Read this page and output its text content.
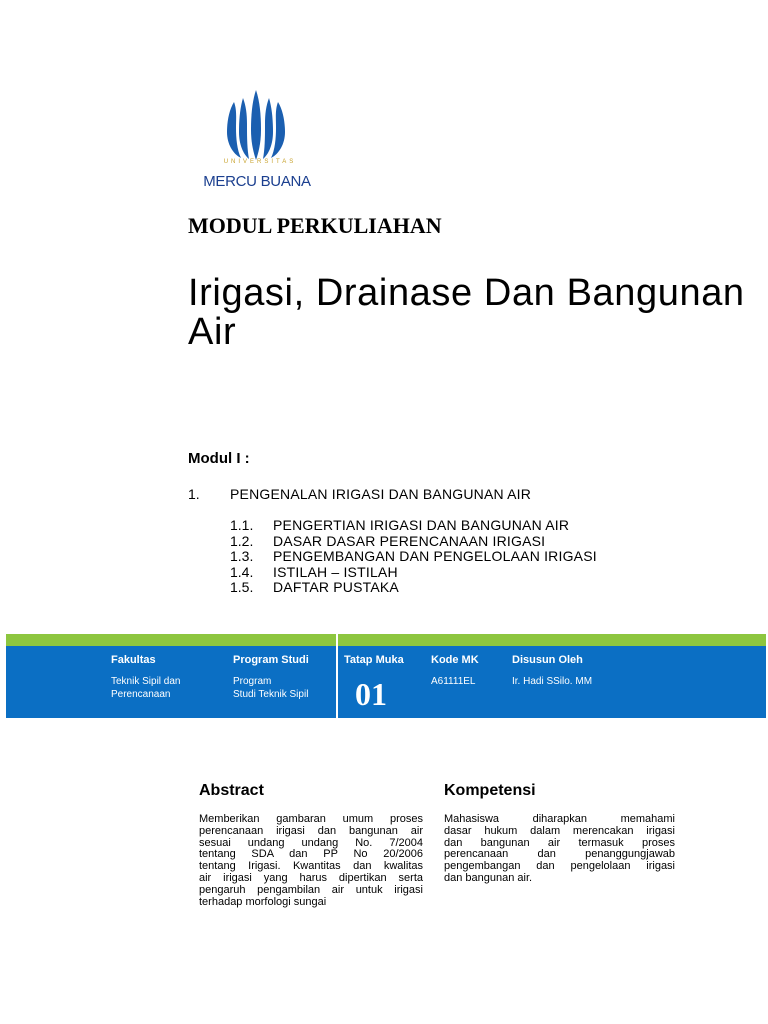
UNIVERSITAS
MERCU BUANA
MODUL PERKULIAHAN
Irigasi, Drainase Dan Bangunan Air
Modul I :
1. PENGENALAN IRIGASI DAN BANGUNAN AIR
1.1. PENGERTIAN IRIGASI DAN BANGUNAN AIR
1.2. DASAR DASAR PERENCANAAN IRIGASI
1.3. PENGEMBANGAN DAN PENGELOLAAN IRIGASI
1.4. ISTILAH – ISTILAH
1.5. DAFTAR PUSTAKA
Fakultas
Teknik Sipil dan
Perencanaan
Program Studi
Program
Studi Teknik Sipil
Tatap Muka
01
Kode MK
A61111EL
Disusun Oleh
Ir. Hadi SSilo. MM
Abstract
Memberikan gambaran umum proses
perencanaan irigasi dan bangunan air
sesuai undang undang No. 7/2004
tentang SDA dan PP No 20/2006
tentang Irigasi. Kwantitas dan kwalitas
air irigasi yang harus dipertikan serta
pengaruh pengambilan air untuk irigasi
terhadap morfologi sungai
Kompetensi
Mahasiswa diharapkan memahami
dasar hukum dalam merencakan irigasi
dan bangunan air termasuk proses
perencanaan dan penanggungjawab
pengembangan dan pengelolaan irigasi
dan bangunan air.
